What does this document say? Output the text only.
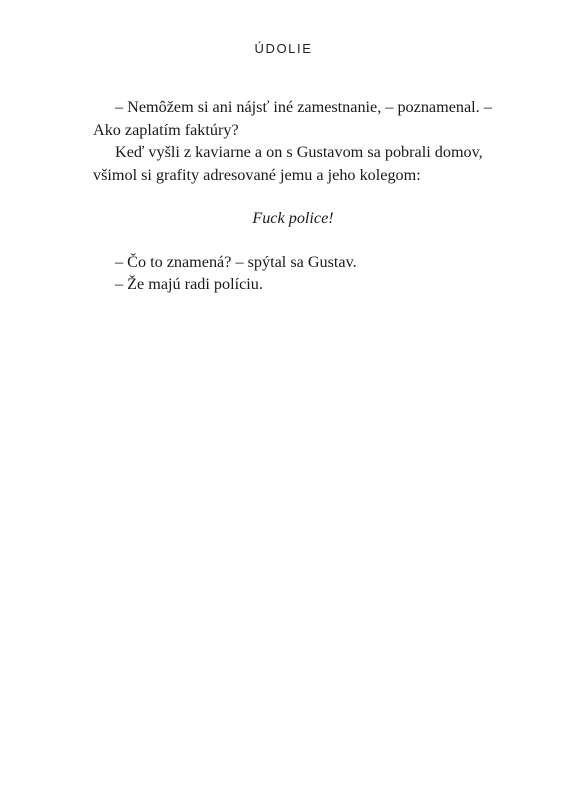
ÚDOLIE

– Nemôžem si ani nájsť iné zamestnanie, – poznamenal. – Ako zaplatím faktúry?

Keď vyšli z kaviarne a on s Gustavom sa pobrali domov, všimol si grafity adresované jemu a jeho kolegom:

Fuck police!

– Čo to znamená? – spýtal sa Gustav.

– Že majú radi políciu.
